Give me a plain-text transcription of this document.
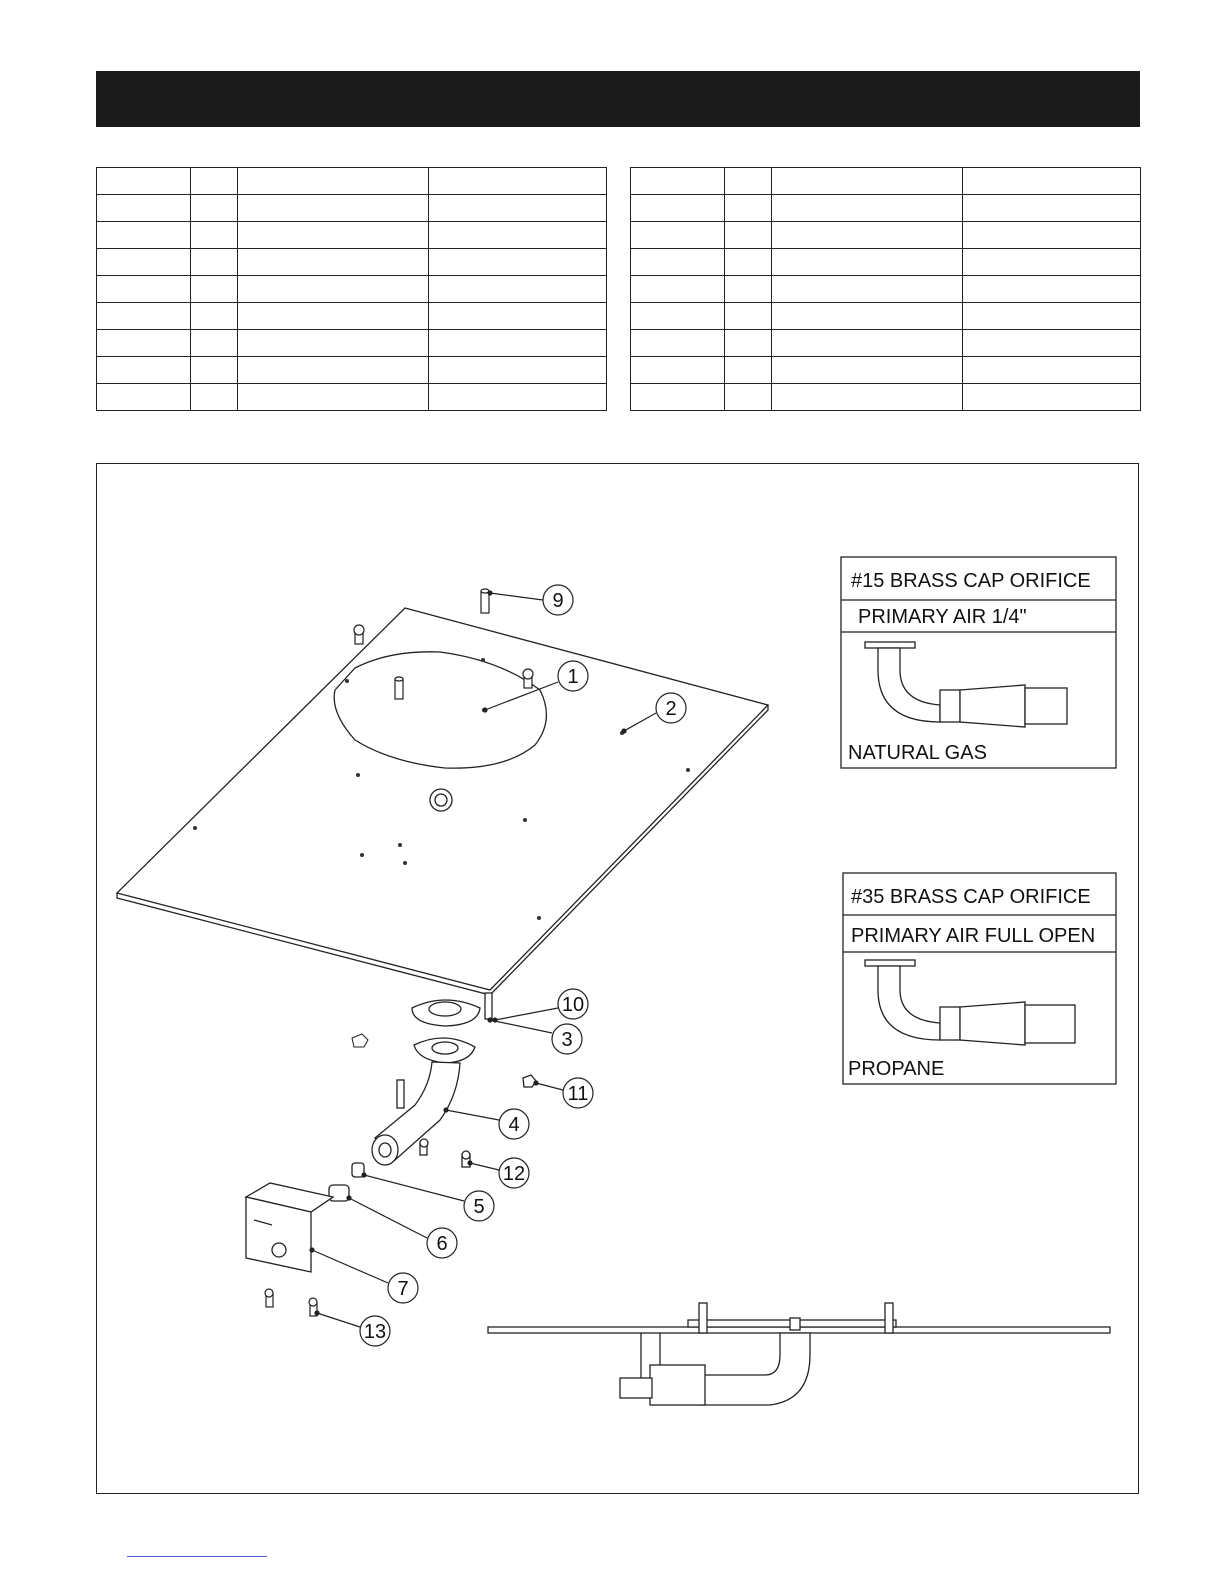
1
2
3
4
5
6
7
9
10
11
12
13
#15 BRASS CAP ORIFICE
PRIMARY AIR 1/4"
NATURAL GAS
#35 BRASS CAP ORIFICE
PRIMARY AIR FULL OPEN
PROPANE
